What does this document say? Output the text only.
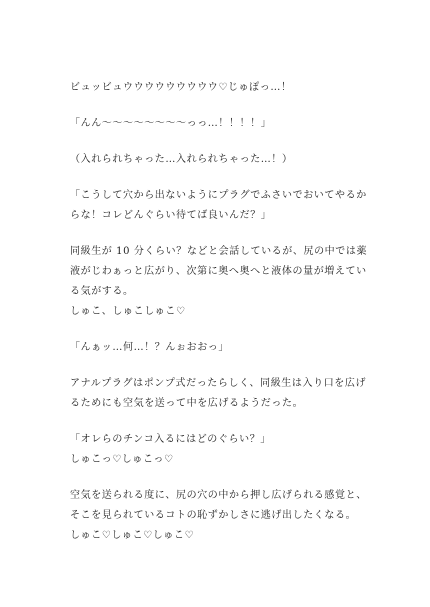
ビュッビュウウウウウウウウウ♡じゅぽっ…！
「んん～～～～～～～～っっ…！！！！」
（入れられちゃった…入れられちゃった…！）
「こうして穴から出ないようにプラグでふさいでおいてやるか
らな！コレどんぐらい待てば良いんだ？」
同級生が 10 分くらい？などと会話しているが、尻の中では薬
液がじわぁっと広がり、次第に奥へ奥へと液体の量が増えてい
る気がする。
しゅこ、しゅこしゅこ♡
「んぁッ…何…！？んぉおおっ」
アナルプラグはポンプ式だったらしく、同級生は入り口を広げ
るためにも空気を送って中を広げるようだった。
「オレらのチンコ入るにはどのぐらい？」
しゅこっ♡しゅこっ♡
空気を送られる度に、尻の穴の中から押し広げられる感覚と、
そこを見られているコトの恥ずかしさに逃げ出したくなる。
しゅこ♡しゅこ♡しゅこ♡
